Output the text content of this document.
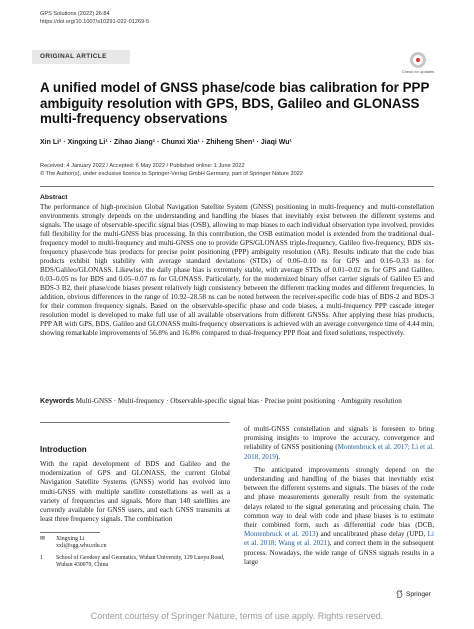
GPS Solutions (2022) 26:84
https://doi.org/10.1007/s10291-022-01269-5
ORIGINAL ARTICLE
Check for updates
A unified model of GNSS phase/code bias calibration for PPP ambiguity resolution with GPS, BDS, Galileo and GLONASS multi-frequency observations
Xin Li¹ · Xingxing Li¹ · Zihao Jiang¹ · Chunxi Xia¹ · Zhiheng Shen¹ · Jiaqi Wu¹
Received: 4 January 2022 / Accepted: 6 May 2022 / Published online: 1 June 2022
© The Author(s), under exclusive licence to Springer-Verlag GmbH Germany, part of Springer Nature 2022
Abstract

The performance of high-precision Global Navigation Satellite System (GNSS) positioning in multi-frequency and multi-constellation environments strongly depends on the understanding and handling the biases that inevitably exist between the different systems and signals. The usage of observable-specific signal bias (OSB), allowing to map biases to each individual observation type involved, provides full flexibility for the multi-GNSS bias processing. In this contribution, the OSB estimation model is extended from the traditional dual-frequency model to multi-frequency and multi-GNSS one to provide GPS/GLONASS triple-frequency, Galileo five-frequency, BDS six-frequency phase/code bias products for precise point positioning (PPP) ambiguity resolution (AR). Results indicate that the code bias products exhibit high stability with average standard deviations (STDs) of 0.06–0.10 ns for GPS and 0.16–0.33 ns for BDS/Galileo/GLONASS. Likewise, the daily phase bias is extremely stable, with average STDs of 0.01–0.02 ns for GPS and Galileo, 0.03–0.05 ns for BDS and 0.05–0.07 ns for GLONASS. Particularly, for the modernized binary offset carrier signals of Galileo E5 and BDS-3 B2, their phase/code biases present relatively high consistency between the different tracking modes and different frequencies. In addition, obvious differences in the range of 10.92–28.58 ns can be noted between the receiver-specific code bias of BDS-2 and BDS-3 for their common frequency signals. Based on the observable-specific phase and code biases, a multi-frequency PPP cascade integer resolution model is developed to make full use of all available observations from different GNSSs. After applying these bias products, PPP AR with GPS, BDS, Galileo and GLONASS multi-frequency observations is achieved with an average convergence time of 4.44 min, showing remarkable improvements of 56.8% and 16.8% compared to dual-frequency PPP float and fixed solutions, respectively.

Keywords Multi-GNSS · Multi-frequency · Observable-specific signal bias · Precise point positioning · Ambiguity resolution
Introduction

With the rapid development of BDS and Galileo and the modernization of GPS and GLONASS, the current Global Navigation Satellite Systems (GNSS) world has evolved into multi-GNSS with multiple satellite constellations as well as a variety of frequencies and signals. More than 140 satellites are currently available for GNSS users, and each GNSS transmits at least three frequency signals. The combination

of multi-GNSS constellation and signals is foreseen to bring promising insights to improve the accuracy, convergence and reliability of GNSS positioning (Montenbruck et al. 2017; Li et al. 2018, 2019).

The anticipated improvements strongly depend on the understanding and handling of the biases that inevitably exist between the different systems and signals. The biases of the code and phase measurements generally result from the systematic delays related to the signal generating and processing chain. The common way to deal with code and phase biases is to estimate their combined form, such as differential code bias (DCB, Montenbruck et al. 2013) and uncalibrated phase delay (UPD, Li et al. 2018; Wang et al. 2021), and correct them in the subsequent process. Nowadays, the wide range of GNSS signals results in a large

✉	Xingxing Li
xxli@sgg.whu.edu.cn
1	School of Geodesy and Geomatics, Wuhan University, 129 Luoyu Road, Wuhan 430079, China
Springer
Content courtesy of Springer Nature, terms of use apply. Rights reserved.
